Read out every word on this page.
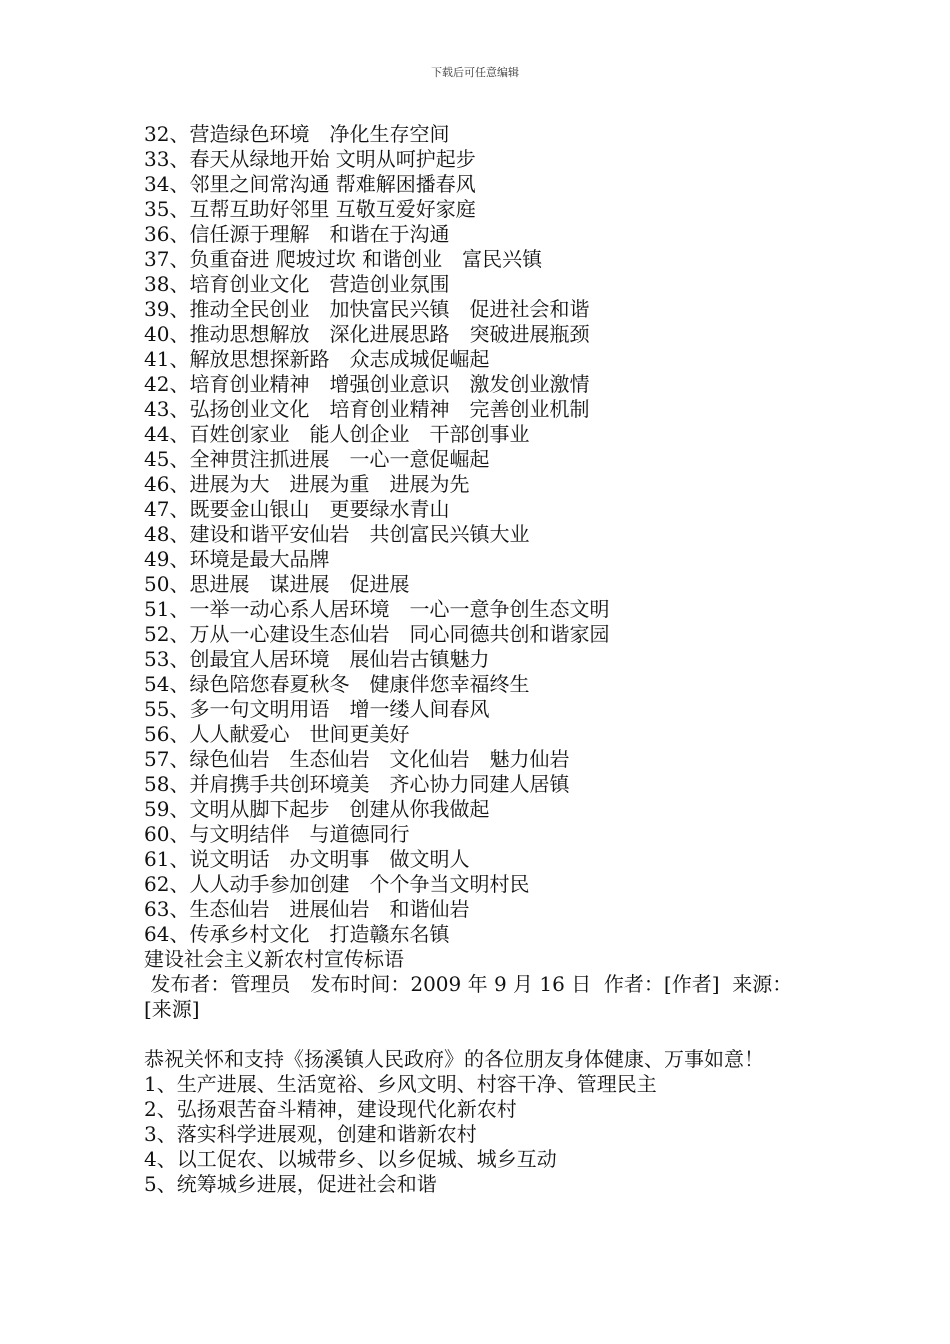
下载后可任意编辑
32、营造绿色环境　净化生存空间
33、春天从绿地开始 文明从呵护起步
34、邻里之间常沟通 帮难解困播春风
35、互帮互助好邻里 互敬互爱好家庭
36、信任源于理解　和谐在于沟通
37、负重奋进 爬坡过坎 和谐创业　富民兴镇
38、培育创业文化　营造创业氛围
39、推动全民创业　加快富民兴镇　促进社会和谐
40、推动思想解放　深化进展思路　突破进展瓶颈
41、解放思想探新路　众志成城促崛起
42、培育创业精神　增强创业意识　激发创业激情
43、弘扬创业文化　培育创业精神　完善创业机制
44、百姓创家业　能人创企业　干部创事业
45、全神贯注抓进展　一心一意促崛起
46、进展为大　进展为重　进展为先
47、既要金山银山　更要绿水青山
48、建设和谐平安仙岩　共创富民兴镇大业
49、环境是最大品牌
50、思进展　谋进展　促进展
51、一举一动心系人居环境　一心一意争创生态文明
52、万从一心建设生态仙岩　同心同德共创和谐家园
53、创最宜人居环境　展仙岩古镇魅力
54、绿色陪您春夏秋冬　健康伴您幸福终生
55、多一句文明用语　增一缕人间春风
56、人人献爱心　世间更美好
57、绿色仙岩　生态仙岩　文化仙岩　魅力仙岩
58、并肩携手共创环境美　齐心协力同建人居镇
59、文明从脚下起步　创建从你我做起
60、与文明结伴　与道德同行
61、说文明话　办文明事　做文明人
62、人人动手参加创建　个个争当文明村民
63、生态仙岩　进展仙岩　和谐仙岩
64、传承乡村文化　打造赣东名镇
建设社会主义新农村宣传标语
发布者：管理员　发布时间：2009 年 9 月 16 日  作者：[作者]  来源：[来源]
恭祝关怀和支持《扬溪镇人民政府》的各位朋友身体健康、万事如意！
1、生产进展、生活宽裕、乡风文明、村容干净、管理民主
2、弘扬艰苦奋斗精神，建设现代化新农村
3、落实科学进展观，创建和谐新农村
4、以工促农、以城带乡、以乡促城、城乡互动
5、统筹城乡进展，促进社会和谐
